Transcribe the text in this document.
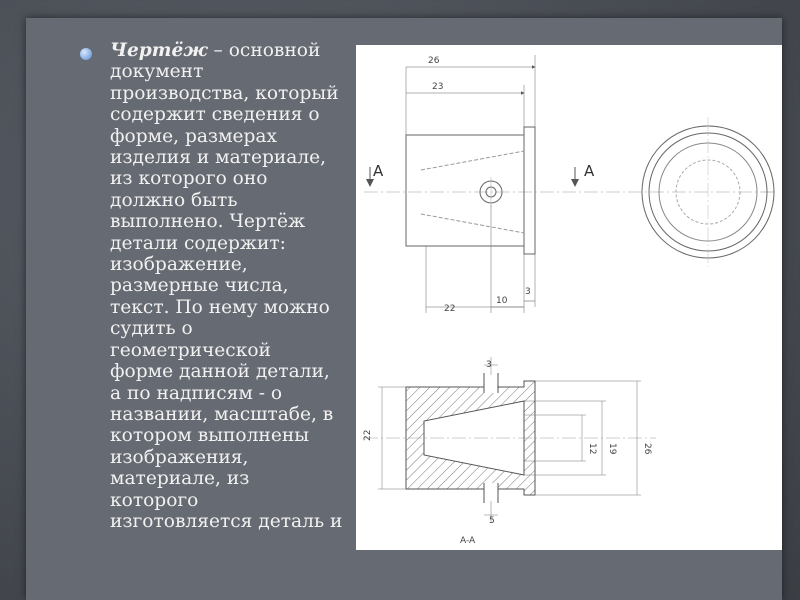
Чертёж – основной
документ
производства, который
содержит сведения о
форме, размерах
изделия и материале,
из которого оно
должно быть
выполнено. Чертёж
детали содержит:
изображение,
размерные числа,
текст. По нему можно
судить о
геометрической
форме данной детали,
а по надписям - о
названии, масштабе, в
котором выполнены
изображения,
материале, из
которого
изготовляется деталь и
26
23
22
10
3
A	A
3
22
12 19	26
5
A-A
